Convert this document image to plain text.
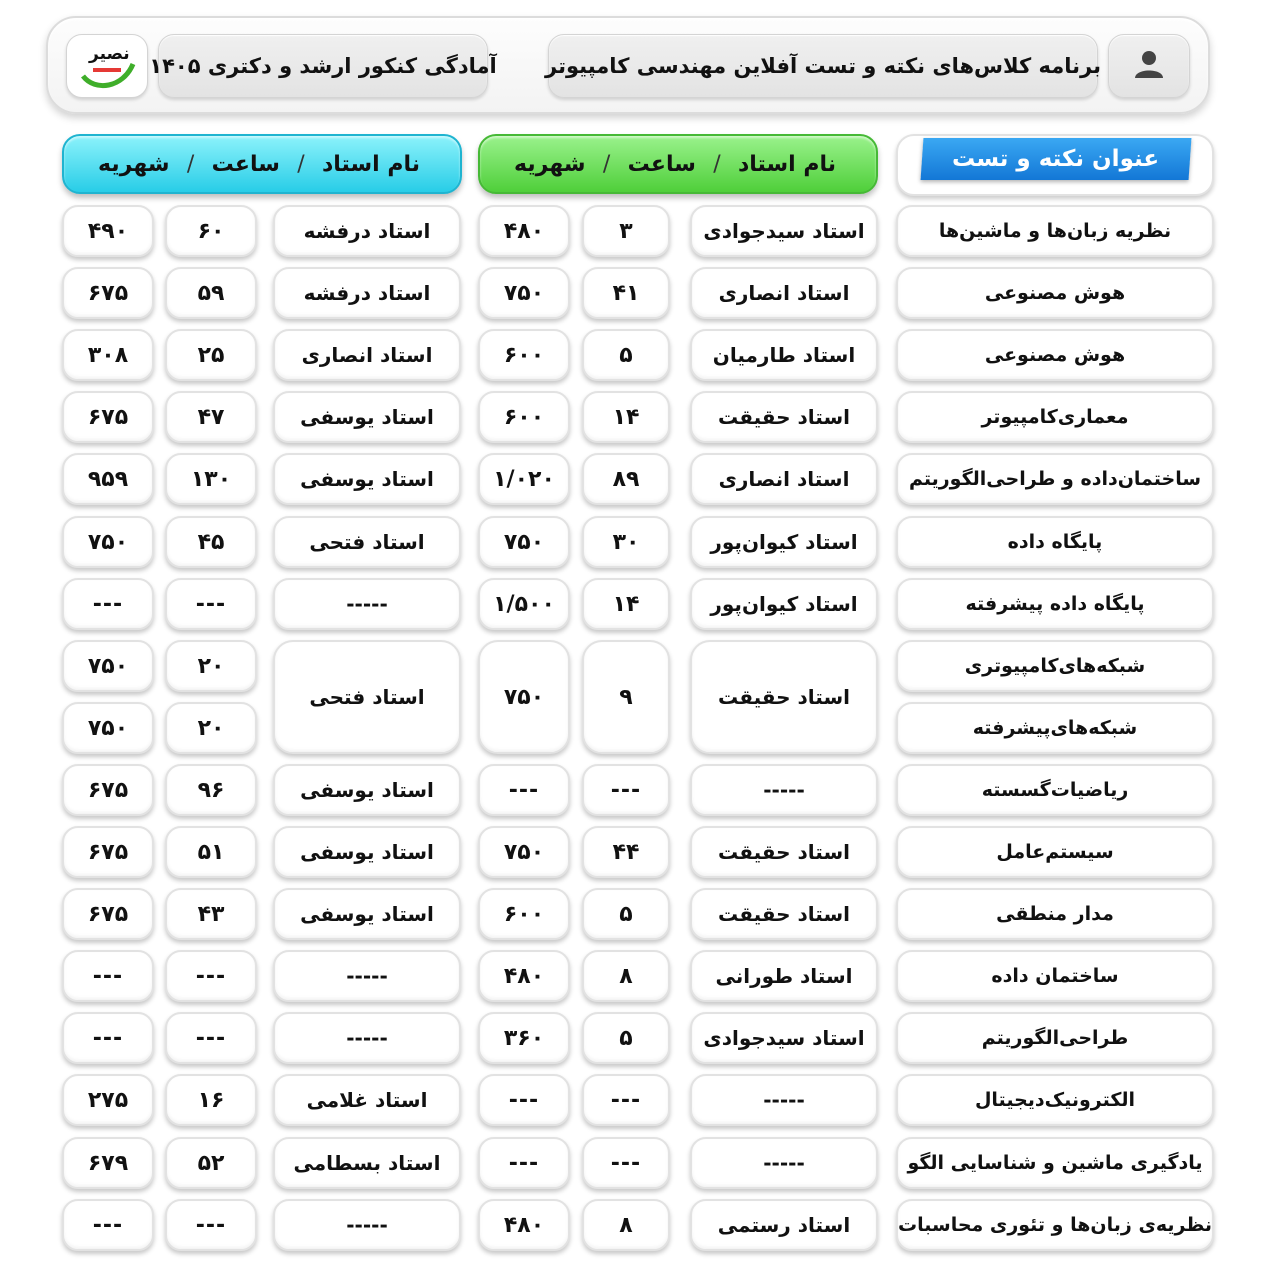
برنامه کلاس‌های نکته و تست آفلاین مهندسی کامپیوتر
آمادگی کنکور ارشد و دکتری ۱۴۰۵
نصیر
عنوان نکته و تست
نام استاد
/
ساعت
/
شهریه
نام استاد
/
ساعت
/
شهریه
نظریه زبان‌ها و ماشین‌ها
استاد سیدجوادی
۳
۴۸۰
استاد درفشه
۶۰
۴۹۰
هوش مصنوعی
استاد انصاری
۴۱
۷۵۰
استاد درفشه
۵۹
۶۷۵
هوش مصنوعی
استاد طارمیان
۵
۶۰۰
استاد انصاری
۲۵
۳۰۸
معماری‌کامپیوتر
استاد حقیقت
۱۴
۶۰۰
استاد یوسفی
۴۷
۶۷۵
ساختمان‌داده و طراحی‌الگوریتم
استاد انصاری
۸۹
۱/۰۲۰
استاد یوسفی
۱۳۰
۹۵۹
پایگاه داده
استاد کیوان‌پور
۳۰
۷۵۰
استاد فتحی
۴۵
۷۵۰
پایگاه داده پیشرفته
استاد کیوان‌پور
۱۴
۱/۵۰۰
-----
---
---
شبکه‌های‌کامپیوتری
استاد حقیقت
۹
۷۵۰
استاد فتحی
۲۰
۷۵۰
شبکه‌های‌پیشرفته
۲۰
۷۵۰
ریاضیات‌گسسته
-----
---
---
استاد یوسفی
۹۶
۶۷۵
سیستم‌عامل
استاد حقیقت
۴۴
۷۵۰
استاد یوسفی
۵۱
۶۷۵
مدار منطقی
استاد حقیقت
۵
۶۰۰
استاد یوسفی
۴۳
۶۷۵
ساختمان داده
استاد طورانی
۸
۴۸۰
-----
---
---
طراحی‌الگوریتم
استاد سیدجوادی
۵
۳۶۰
-----
---
---
الکترونیک‌دیجیتال
-----
---
---
استاد غلامی
۱۶
۲۷۵
یادگیری ماشین و شناسایی الگو
-----
---
---
استاد بسطامی
۵۲
۶۷۹
نظریه‌ی زبان‌ها و تئوری محاسبات
استاد رستمی
۸
۴۸۰
-----
---
---
